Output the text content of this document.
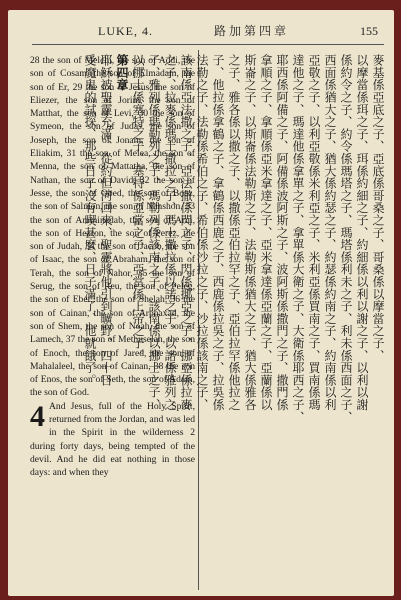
LUKE, 4.	路加第四章	155

28 the son of Melchi, the son of Addi, the son of Cosam, the son of Elmadam, the son of Er, 29 the son of Jesus, the son of Eliezer, the son of Jorim, the son of Matthat, the son of Levi, 30 the son of Symeon, the son of Judas, the son of Joseph, the son of Jonam, the son of Eliakim, 31 the son of Melea, the son of Menna, the son of Mattatha, the son of Nathan, the son of David, 32 the son of Jesse, the son of Obed, the son of Boaz, the son of Salmon, the son of Nahshon, 33 the son of Amminadab, the son of Arni, the son of Hezron, the son of Perez, the son of Judah, 34 the son of Jacob, the son of Isaac, the son of Abraham, the son of Terah, the son of Nahor, 35 the son of Serug, the son of Reu, the son of Peleg, the son of Eber, the son of Shelah, 36 the son of Cainan, the son of Arphaxad, the son of Shem, the son of Noah, the son of Lamech, 37 the son of Methuselah, the son of Enoch, the son of Jared, the son of Mahalaleel, the son of Cainan, 38 the son of Enos, the son of Seth, the son of Adam, the son of God.

4 And Jesus, full of the Holy Spirit, returned from the Jordan, and was led in the Spirit in the wilderness 2 during forty days, being tempted of the devil. And he did eat nothing in those days: and when they

麥基係亞底之子、亞底係哥桑之子、哥桑係以摩當之子、
以摩當係珥之子、珥係約細之子、約細係以利以謝之子、以利以謝
係約令之子、約令係瑪塔之子、瑪塔係利未之子、利未係西面之子、
西面係猶大之子、猶大係約瑟之子、約瑟係約南之子、約南係以利
亞敬之子、以利亞敬係米利亞之子、米利亞係買南之子、買南係瑪
達他之子、瑪達他係拿單之子、拿單係大衛之子、大衛係耶西之子、
耶西係阿備之子、阿備係波阿斯之子、波阿斯係撒門之子、撒門係
拿順之子、拿順係亞米拿達之子、亞米拿達係亞蘭之子、亞蘭係以
斯崙之子、以斯崙係法勒斯之子、法勒斯係猶大之子、猶大係雅各
之子、雅各係以撒之子、以撒係亞伯拉罕之子、亞伯拉罕係他拉之
子、他拉係拿鶴之子、拿鶴係西鹿之子、西鹿係拉吳之子、拉吳係
法勒之子、法勒係希伯之子、希伯係沙拉之子、沙拉係該南之子、
該南係亞法撒之子、亞法撒係閃之子、閃係挪亞之子、挪亞係拉麥
之子、拉麥係瑪土撒拉之子、瑪土撒拉係以諾之子、以諾係雅列之
子、雅列係瑪勒列之子、瑪勒列係該南之子、該南係以挪士之子、
以挪士係塞特之子、塞特係亞當之子、亞當係上帝之子。
第四章
耶穌被聖靈充滿、從約但河回來、聖靈將他引到曠野、四十日
受魔鬼的試探、那些日子沒有喫甚麼、日子滿了、他就餓了。
